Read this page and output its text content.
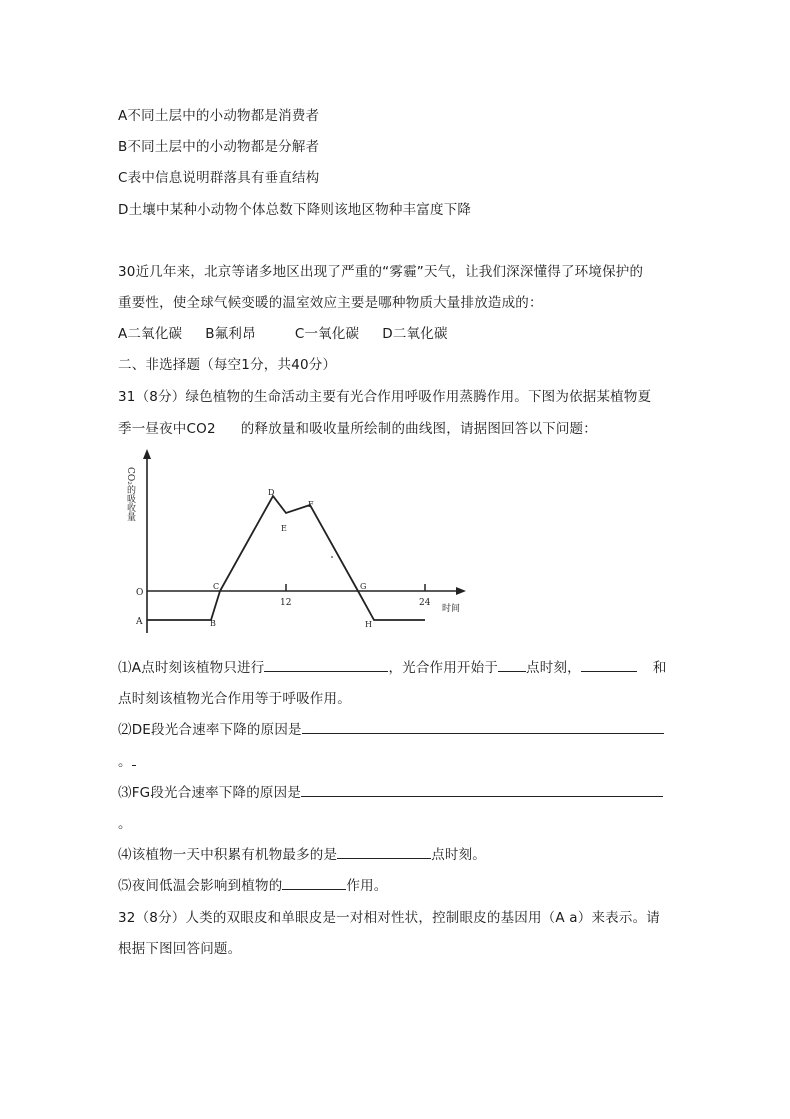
A不同土层中的小动物都是消费者
B不同土层中的小动物都是分解者
C表中信息说明群落具有垂直结构
D土壤中某种小动物个体总数下降则该地区物种丰富度下降
30近几年来，北京等诸多地区出现了严重的“雾霾”天气，让我们深深懂得了环境保护的
重要性，使全球气候变暖的温室效应主要是哪种物质大量排放造成的：
A二氧化碳 B氟利昂	C一氧化碳 D二氧化碳
二、非选择题（每空1分，共40分）
31（8分）绿色植物的生命活动主要有光合作用呼吸作用蒸腾作用。下图为依据某植物夏
季一昼夜中CO2 的释放量和吸收量所绘制的曲线图，请据图回答以下问题：
CO₂的吸收量
O
A
12	24
时间
B
C
D
E
F
G
H
⑴A点时刻该植物只进行	，光合作用开始于 点时刻，	和
点时刻该植物光合作用等于呼吸作用。
⑵DE段光合速率下降的原因是
。
⑶FG段光合速率下降的原因是
。
⑷该植物一天中积累有机物最多的是	点时刻。
⑸夜间低温会影响到植物的	作用。
32（8分）人类的双眼皮和单眼皮是一对相对性状，控制眼皮的基因用（A a）来表示。请
根据下图回答问题。
